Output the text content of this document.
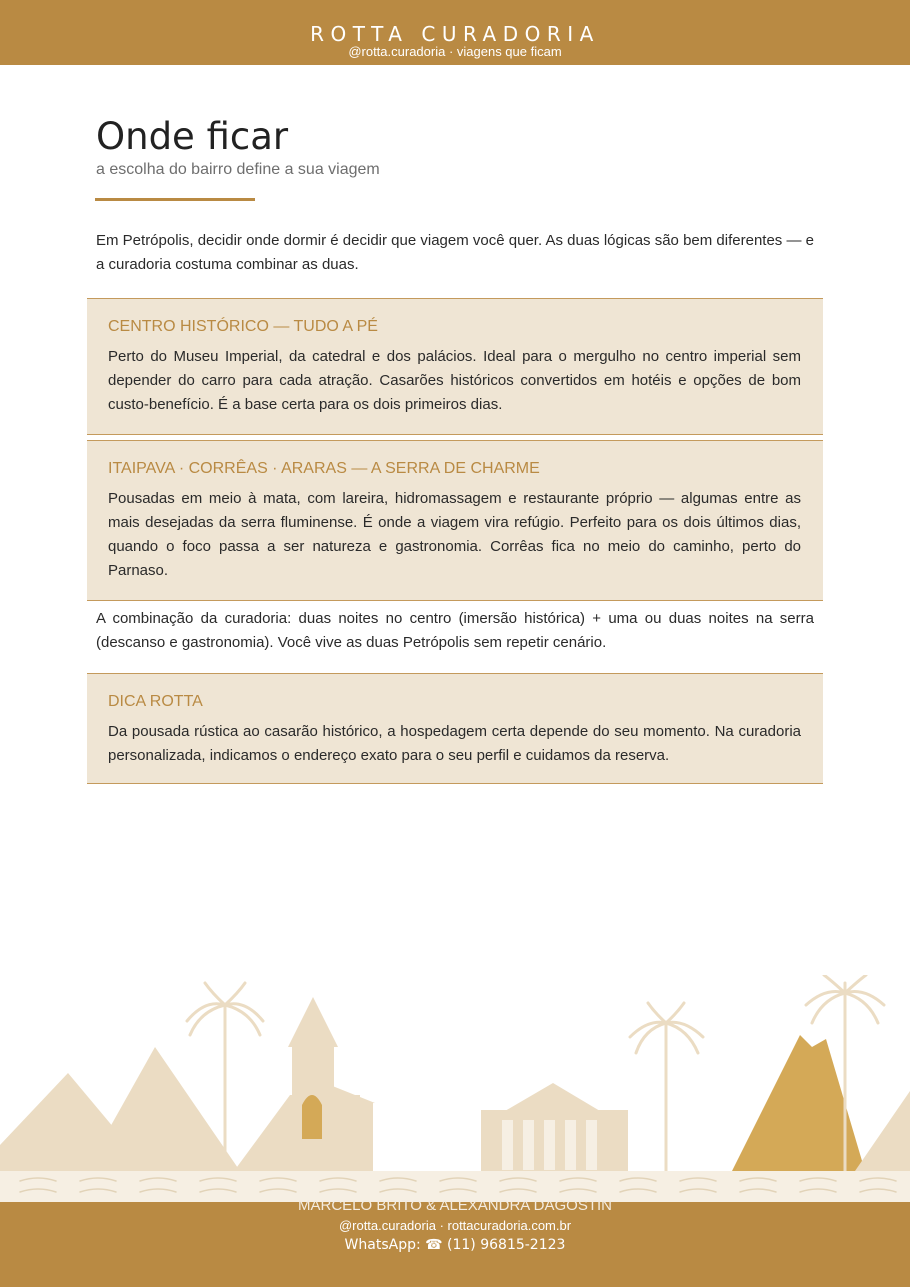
ROTTA CURADORIA
@rotta.curadoria · viagens que ficam
Onde ficar
a escolha do bairro define a sua viagem
Em Petrópolis, decidir onde dormir é decidir que viagem você quer. As duas lógicas são bem diferentes — e a curadoria costuma combinar as duas.
CENTRO HISTÓRICO — TUDO A PÉ

Perto do Museu Imperial, da catedral e dos palácios. Ideal para o mergulho no centro imperial sem depender do carro para cada atração. Casarões históricos convertidos em hotéis e opções de bom custo-benefício. É a base certa para os dois primeiros dias.

ITAIPAVA · CORRÊAS · ARARAS — A SERRA DE CHARME

Pousadas em meio à mata, com lareira, hidromassagem e restaurante próprio — algumas entre as mais desejadas da serra fluminense. É onde a viagem vira refúgio. Perfeito para os dois últimos dias, quando o foco passa a ser natureza e gastronomia. Corrêas fica no meio do caminho, perto do Parnaso.

A combinação da curadoria: duas noites no centro (imersão histórica) + uma ou duas noites na serra (descanso e gastronomia). Você vive as duas Petrópolis sem repetir cenário.
DICA ROTTA

Da pousada rústica ao casarão histórico, a hospedagem certa depende do seu momento. Na curadoria personalizada, indicamos o endereço exato para o seu perfil e cuidamos da reserva.

MARCELO BRITO & ALEXANDRA DAGOSTIN
@rotta.curadoria · rottacuradoria.com.br
WhatsApp: ☎ (11) 96815-2123
